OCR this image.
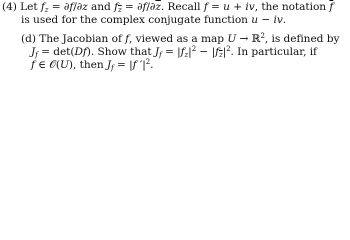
(4) Let $f_z = \partial f/\partial z$ and $f_{\overline{z}} = \partial f/\partial\overline{z}$. Recall f = u + iv, the notation $\overline{f}$
is used for the complex conjugate function u − iv.
(d) The Jacobian of f, viewed as a map U → ℝ$^2$, is defined by
$J_f = \det(Df)$. Show that $J_f = |f_z|^2 - |f_{\overline{z}}|^2$. In particular, if
f ∈ 𝒪(U), then $J_f = |f$ $'|^2$.
